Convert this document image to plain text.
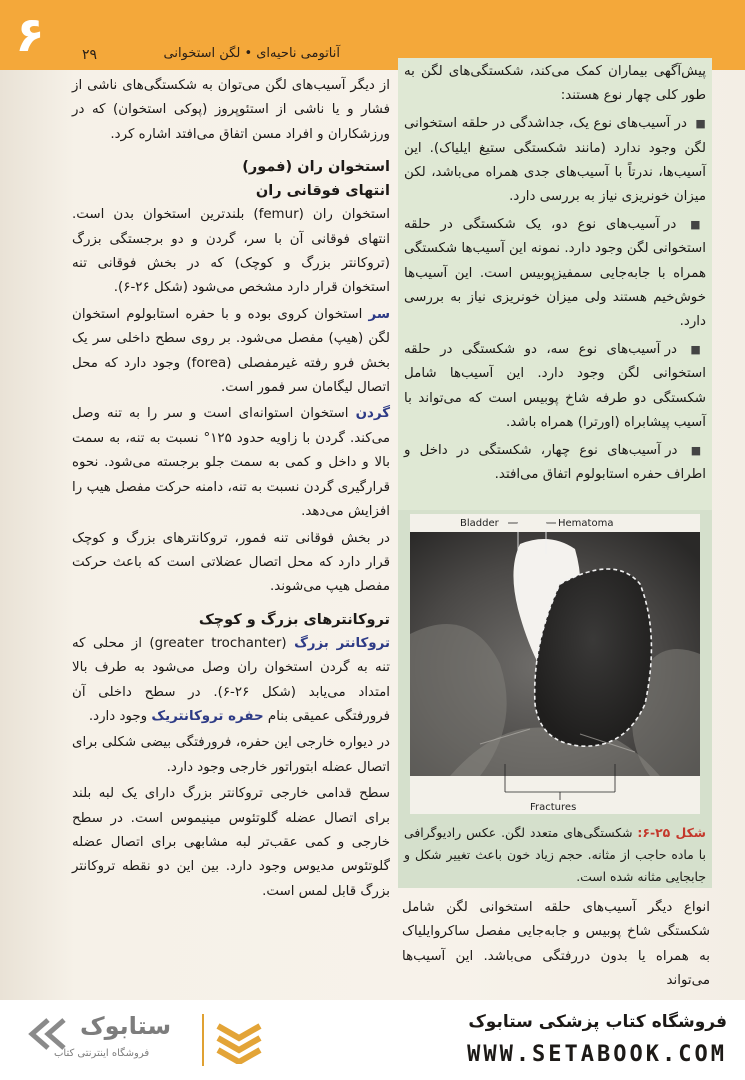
۶	۲۹	آناتومی ناحیه‌ای • لگن استخوانی

از دیگر آسیب‌های لگن می‌توان به شکستگی‌های ناشی از فشار و یا ناشی از استئوپروز (پوکی استخوان) که در ورزشکاران و افراد مسن اتفاق می‌افتد اشاره کرد.

استخوان ران (فمور)
انتهای فوقانی ران

استخوان ران (femur) بلندترین استخوان بدن است. انتهای فوقانی آن با سر، گردن و دو برجستگی بزرگ (تروکانتر بزرگ و کوچک) که در بخش فوقانی تنه استخوان قرار دارد مشخص می‌شود (شکل ۲۶-۶).

سر استخوان کروی بوده و با حفره استابولوم استخوان لگن (هیپ) مفصل می‌شود. بر روی سطح داخلی سر یک بخش فرو رفته غیرمفصلی (forea) وجود دارد که محل اتصال لیگامان سر فمور است.

گردن استخوان استوانه‌ای است و سر را به تنه وصل می‌کند. گردن با زاویه حدود ۱۲۵° نسبت به تنه، به سمت بالا و داخل و کمی به سمت جلو برجسته می‌شود. نحوه قرارگیری گردن نسبت به تنه، دامنه حرکت مفصل هیپ را افزایش می‌دهد.

در بخش فوقانی تنه فمور، تروکانترهای بزرگ و کوچک قرار دارد که محل اتصال عضلاتی است که باعث حرکت مفصل هیپ می‌شوند.

تروکانترهای بزرگ و کوچک

تروکانتر بزرگ (greater trochanter) از محلی که تنه به گردن استخوان ران وصل می‌شود به طرف بالا امتداد می‌یابد (شکل ۲۶-۶). در سطح داخلی آن فرورفتگی عمیقی بنام حفره تروکانتریک وجود دارد.

در دیواره خارجی این حفره، فرورفتگی بیضی شکلی برای اتصال عضله ابتوراتور خارجی وجود دارد.

سطح قدامی خارجی تروکانتر بزرگ دارای یک لبه بلند برای اتصال عضله گلوتئوس مینیموس است. در سطح خارجی و کمی عقب‌تر لبه مشابهی برای اتصال عضله گلوتئوس مدیوس وجود دارد. بین این دو نقطه تروکانتر بزرگ قابل لمس است.

پیش‌آگهی بیماران کمک می‌کند، شکستگی‌های لگن به طور کلی چهار نوع هستند:

■ در آسیب‌های نوع یک، جداشدگی در حلقه استخوانی لگن وجود ندارد (مانند شکستگی ستیغ ایلیاک). این آسیب‌ها، ندرتاً با آسیب‌های جدی همراه می‌باشد، لکن میزان خونریزی نیاز به بررسی دارد.

■ در آسیب‌های نوع دو، یک شکستگی در حلقه استخوانی لگن وجود دارد. نمونه این آسیب‌ها شکستگی همراه با جابه‌جایی سمفیزپوبیس است. این آسیب‌ها خوش‌خیم هستند ولی میزان خونریزی نیاز به بررسی دارد.

■ در آسیب‌های نوع سه، دو شکستگی در حلقه استخوانی لگن وجود دارد. این آسیب‌ها شامل شکستگی دو طرفه شاخ پوبیس است که می‌تواند با آسیب پیشابراه (اورترا) همراه باشد.

■ در آسیب‌های نوع چهار، شکستگی در داخل و اطراف حفره استابولوم اتفاق می‌افتد.

Bladder	Hematoma
Fractures
شکل ۲۵-۶: شکستگی‌های متعدد لگن. عکس رادیوگرافی با ماده حاجب از مثانه. حجم زیاد خون باعث تغییر شکل و جابجایی مثانه شده است.
انواع دیگر آسیب‌های حلقه استخوانی لگن شامل شکستگی شاخ پوبیس و جابه‌جایی مفصل ساکروایلیاک به همراه یا بدون دررفتگی می‌باشد. این آسیب‌ها می‌تواند
ستابوک
فروشگاه اینترنتی کتاب
فروشگاه کتاب پزشکی ستابوک
WWW.SETABOOK.COM
